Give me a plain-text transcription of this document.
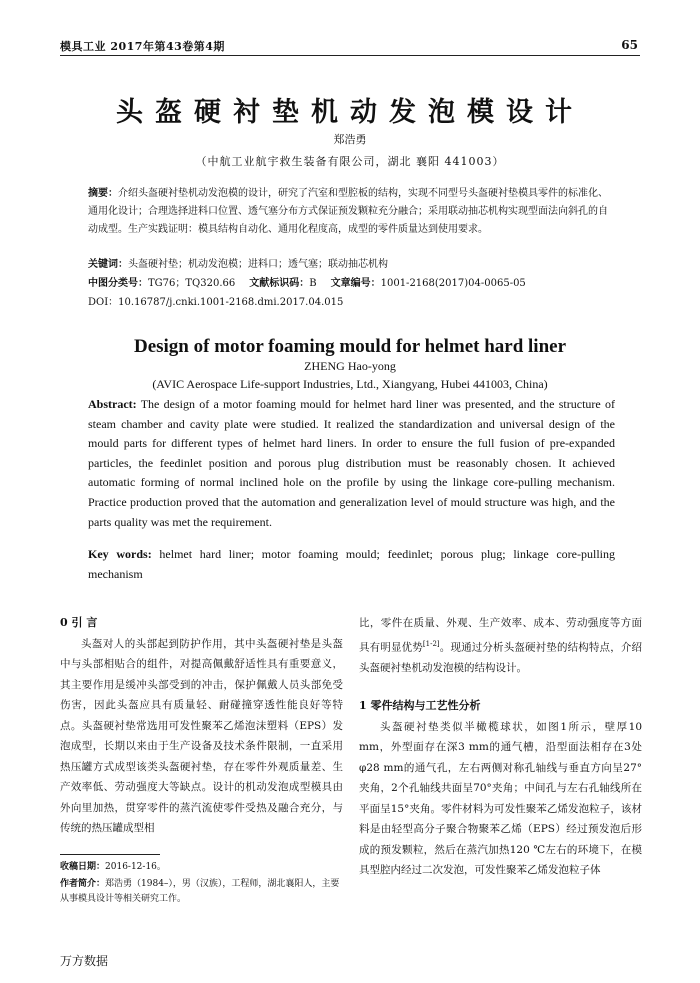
模具工业 2017年第43卷第4期	65
头盔硬衬垫机动发泡模设计
郑浩勇
（中航工业航宇救生装备有限公司，湖北 襄阳 441003）
摘要：介绍头盔硬衬垫机动发泡模的设计，研究了汽室和型腔板的结构，实现不同型号头盔硬衬垫模具零件的标准化、通用化设计；合理选择进料口位置、透气塞分布方式保证预发颗粒充分融合；采用联动抽芯机构实现型面法向斜孔的自动成型。生产实践证明：模具结构自动化、通用化程度高，成型的零件质量达到使用要求。
关键词：头盔硬衬垫；机动发泡模；进料口；透气塞；联动抽芯机构
中图分类号：TG76；TQ320.66 文献标识码：B 文章编号：1001-2168(2017)04-0065-05
DOI：10.16787/j.cnki.1001-2168.dmi.2017.04.015
Design of motor foaming mould for helmet hard liner
ZHENG Hao-yong
(AVIC Aerospace Life-support Industries, Ltd., Xiangyang, Hubei 441003, China)
Abstract: The design of a motor foaming mould for helmet hard liner was presented, and the structure of steam chamber and cavity plate were studied. It realized the standardization and universal design of the mould parts for different types of helmet hard liners. In order to ensure the full fusion of pre-expanded particles, the feedinlet position and porous plug distribution must be reasonably chosen. It achieved automatic forming of normal inclined hole on the profile by using the linkage core-pulling mechanism. Practice production proved that the automation and generalization level of mould structure was high, and the parts quality was met the requirement.
Key words: helmet hard liner; motor foaming mould; feedinlet; porous plug; linkage core-pulling mechanism
0 引 言

头盔对人的头部起到防护作用，其中头盔硬衬垫是头盔中与头部相贴合的组件，对提高佩戴舒适性具有重要意义，其主要作用是缓冲头部受到的冲击，保护佩戴人员头部免受伤害，因此头盔应具有质量轻、耐碰撞穿透性能良好等特点。头盔硬衬垫常选用可发性聚苯乙烯泡沫塑料（EPS）发泡成型，长期以来由于生产设备及技术条件限制，一直采用热压罐方式成型该类头盔硬衬垫，存在零件外观质量差、生产效率低、劳动强度大等缺点。设计的机动发泡成型模具由外向里加热，贯穿零件的蒸汽流使零件受热及融合充分，与传统的热压罐成型相

比，零件在质量、外观、生产效率、成本、劳动强度等方面具有明显优势[1-2]。现通过分析头盔硬衬垫的结构特点，介绍头盔硬衬垫机动发泡模的结构设计。

1 零件结构与工艺性分析

头盔硬衬垫类似半橄榄球状，如图1所示，壁厚10 mm，外型面存在深3 mm的通气槽，沿型面法相存在3处φ28 mm的通气孔，左右两侧对称孔轴线与垂直方向呈27°夹角，2个孔轴线共面呈70°夹角；中间孔与左右孔轴线所在平面呈15°夹角。零件材料为可发性聚苯乙烯发泡粒子，该材料是由轻型高分子聚合物聚苯乙烯（EPS）经过预发泡后形成的预发颗粒，然后在蒸汽加热120 ℃左右的环境下，在模具型腔内经过二次发泡，可发性聚苯乙烯发泡粒子体

收稿日期：2016-12-16。
作者简介：郑浩勇（1984–），男（汉族），工程师，湖北襄阳人，主要从事模具设计等相关研究工作。
万方数据
